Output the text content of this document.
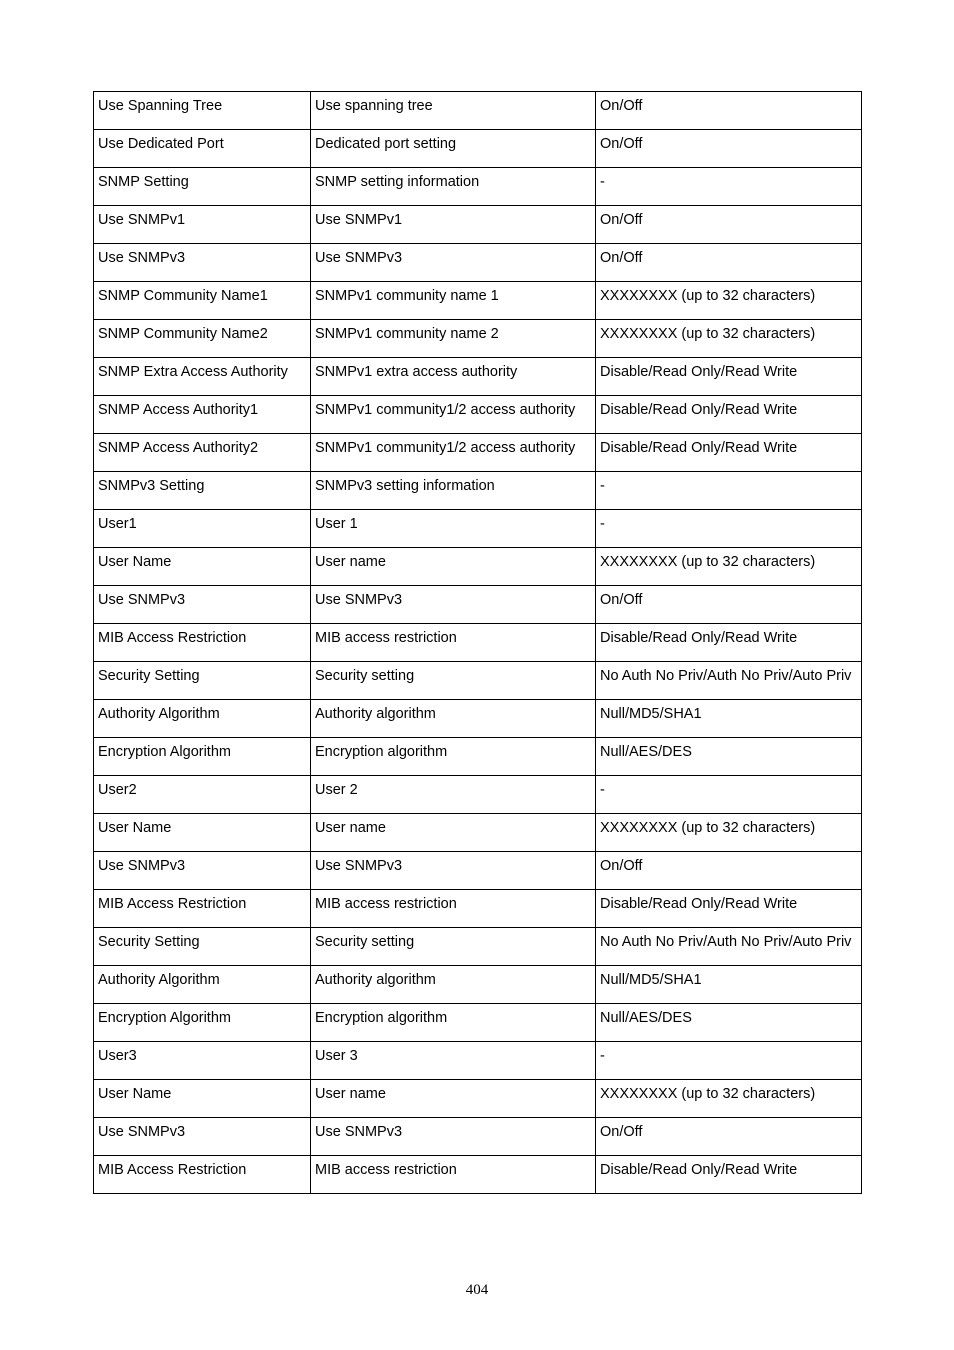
Use Spanning Tree	Use spanning tree	On/Off
Use Dedicated Port	Dedicated port setting	On/Off
SNMP Setting	SNMP setting information	-
Use SNMPv1	Use SNMPv1	On/Off
Use SNMPv3	Use SNMPv3	On/Off
SNMP Community Name1	SNMPv1 community name 1	XXXXXXXX (up to 32 characters)
SNMP Community Name2	SNMPv1 community name 2	XXXXXXXX (up to 32 characters)
SNMP Extra Access Authority	SNMPv1 extra access authority	Disable/Read Only/Read Write
SNMP Access Authority1	SNMPv1 community1/2 access authority	Disable/Read Only/Read Write
SNMP Access Authority2	SNMPv1 community1/2 access authority	Disable/Read Only/Read Write
SNMPv3 Setting	SNMPv3 setting information	-
User1	User 1	-
User Name	User name	XXXXXXXX (up to 32 characters)
Use SNMPv3	Use SNMPv3	On/Off
MIB Access Restriction	MIB access restriction	Disable/Read Only/Read Write
Security Setting	Security setting	No Auth No Priv/Auth No Priv/Auto Priv
Authority Algorithm	Authority algorithm	Null/MD5/SHA1
Encryption Algorithm	Encryption algorithm	Null/AES/DES
User2	User 2	-
User Name	User name	XXXXXXXX (up to 32 characters)
Use SNMPv3	Use SNMPv3	On/Off
MIB Access Restriction	MIB access restriction	Disable/Read Only/Read Write
Security Setting	Security setting	No Auth No Priv/Auth No Priv/Auto Priv
Authority Algorithm	Authority algorithm	Null/MD5/SHA1
Encryption Algorithm	Encryption algorithm	Null/AES/DES
User3	User 3	-
User Name	User name	XXXXXXXX (up to 32 characters)
Use SNMPv3	Use SNMPv3	On/Off
MIB Access Restriction	MIB access restriction	Disable/Read Only/Read Write
404
